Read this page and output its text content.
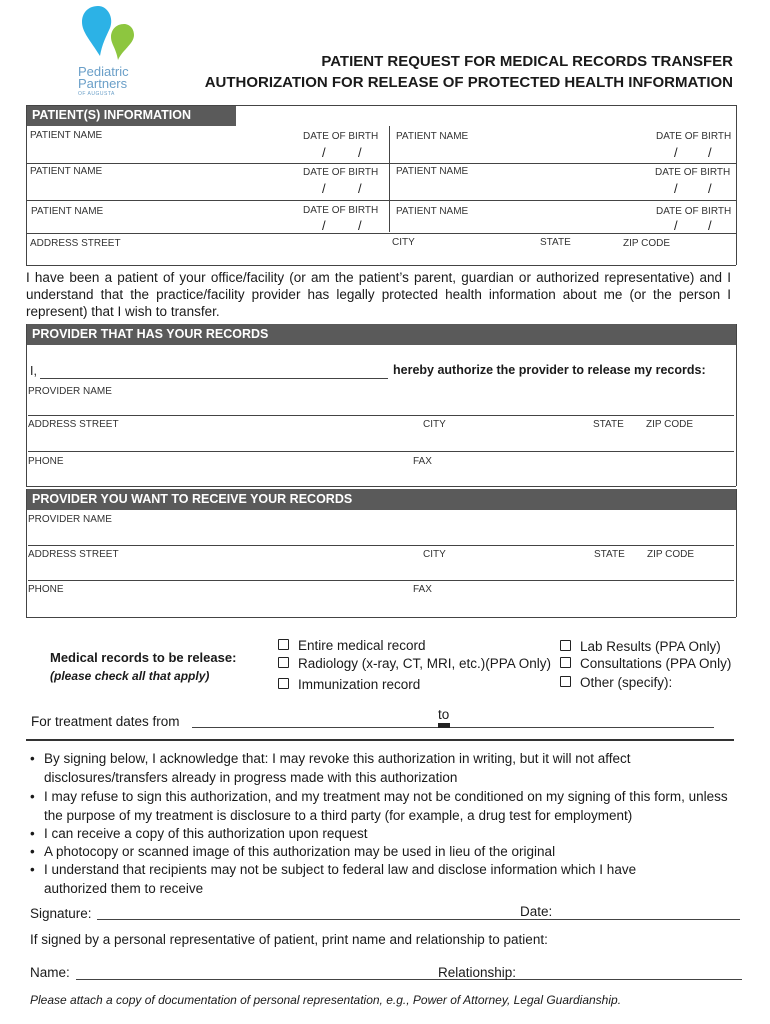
Pediatric
Partners
OF AUGUSTA
PATIENT REQUEST FOR MEDICAL RECORDS TRANSFER
AUTHORIZATION FOR RELEASE OF PROTECTED HEALTH INFORMATION
PATIENT(S) INFORMATION
PATIENT NAME	DATE OF BIRTH
/ /
PATIENT NAME	DATE OF BIRTH
/ /
PATIENT NAME	DATE OF BIRTH
/ /
PATIENT NAME	DATE OF BIRTH
/ /
PATIENT NAME	DATE OF BIRTH
/ /
PATIENT NAME	DATE OF BIRTH
/ /
ADDRESS STREET	CITY	STATE	ZIP CODE
I have been a patient of your office/facility (or am the patient’s parent, guardian or authorized representative) and I understand that the practice/facility provider has legally protected health information about me (or the person I represent) that I wish to transfer.
PROVIDER THAT HAS YOUR RECORDS
I,	hereby authorize the provider to release my records:
PROVIDER NAME
ADDRESS STREET	CITY	STATE ZIP CODE
PHONE	FAX
PROVIDER YOU WANT TO RECEIVE YOUR RECORDS
PROVIDER NAME
ADDRESS STREET	CITY	STATE ZIP CODE
PHONE	FAX
Medical records to be release:
(please check all that apply)
Entire medical record
Radiology (x-ray, CT, MRI, etc.)(PPA Only)
Immunization record
Lab Results (PPA Only)
Consultations (PPA Only)
Other (specify):
For treatment dates from	to
• By signing below, I acknowledge that: I may revoke this authorization in writing, but it will not affect disclosures/transfers already in progress made with this authorization
• I may refuse to sign this authorization, and my treatment may not be conditioned on my signing of this form, unless the purpose of my treatment is disclosure to a third party (for example, a drug test for employment)
• I can receive a copy of this authorization upon request
• A photocopy or scanned image of this authorization may be used in lieu of the original
• I understand that recipients may not be subject to federal law and disclose information which I have authorized them to receive
Signature:	Date:
If signed by a personal representative of patient, print name and relationship to patient:
Name:	Relationship:
Please attach a copy of documentation of personal representation, e.g., Power of Attorney, Legal Guardianship.
